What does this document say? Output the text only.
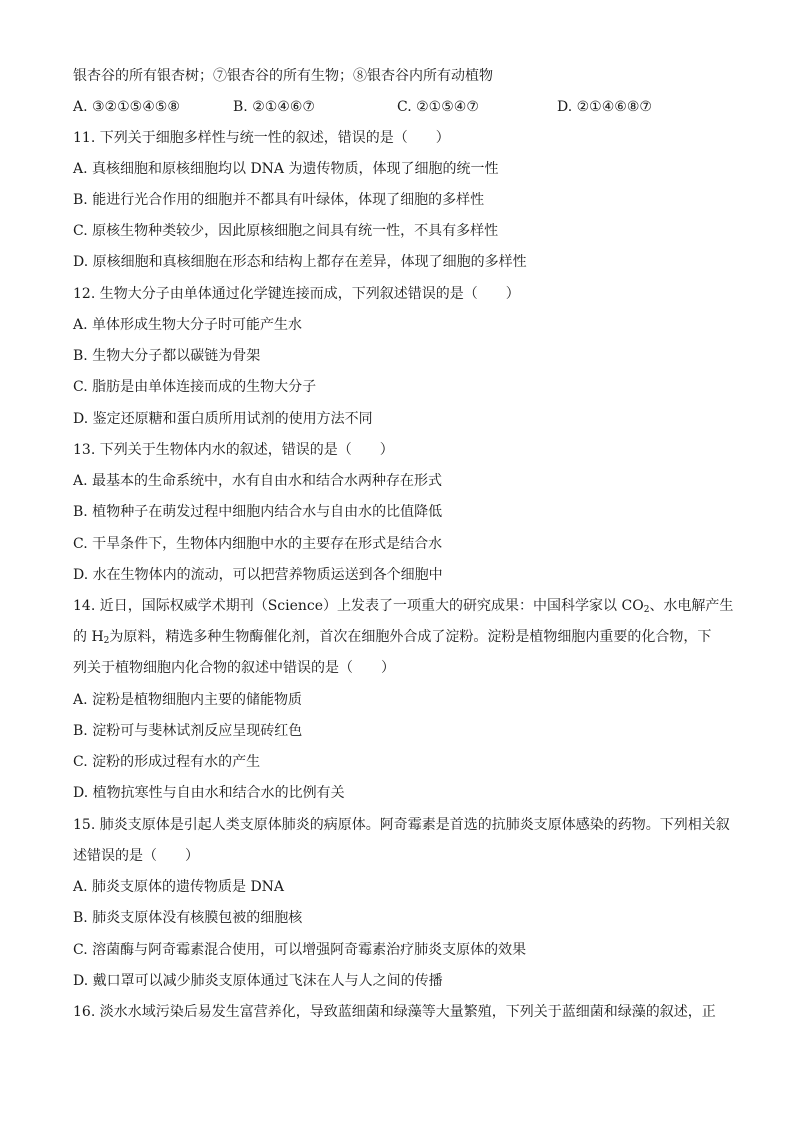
银杏谷的所有银杏树；⑦银杏谷的所有生物；⑧银杏谷内所有动植物
A. ③②①⑤④⑤⑧	B. ②①④⑥⑦	C. ②①⑤④⑦	D. ②①④⑥⑧⑦
11. 下列关于细胞多样性与统一性的叙述，错误的是（　　）
A. 真核细胞和原核细胞均以 DNA 为遗传物质，体现了细胞的统一性
B. 能进行光合作用的细胞并不都具有叶绿体，体现了细胞的多样性
C. 原核生物种类较少，因此原核细胞之间具有统一性，不具有多样性
D. 原核细胞和真核细胞在形态和结构上都存在差异，体现了细胞的多样性
12. 生物大分子由单体通过化学键连接而成，下列叙述错误的是（　　）
A. 单体形成生物大分子时可能产生水
B. 生物大分子都以碳链为骨架
C. 脂肪是由单体连接而成的生物大分子
D. 鉴定还原糖和蛋白质所用试剂的使用方法不同
13. 下列关于生物体内水的叙述，错误的是（　　）
A. 最基本的生命系统中，水有自由水和结合水两种存在形式
B. 植物种子在萌发过程中细胞内结合水与自由水的比值降低
C. 干旱条件下，生物体内细胞中水的主要存在形式是结合水
D. 水在生物体内的流动，可以把营养物质运送到各个细胞中
14. 近日，国际权威学术期刊（Science）上发表了一项重大的研究成果：中国科学家以 $CO_2$、水电解产生
的 $H_2$为原料，精选多种生物酶催化剂，首次在细胞外合成了淀粉。淀粉是植物细胞内重要的化合物，下
列关于植物细胞内化合物的叙述中错误的是（　　）
A. 淀粉是植物细胞内主要的储能物质
B. 淀粉可与斐林试剂反应呈现砖红色
C. 淀粉的形成过程有水的产生
D. 植物抗寒性与自由水和结合水的比例有关
15. 肺炎支原体是引起人类支原体肺炎的病原体。阿奇霉素是首选的抗肺炎支原体感染的药物。下列相关叙
述错误的是（　　）
A. 肺炎支原体的遗传物质是 DNA
B. 肺炎支原体没有核膜包被的细胞核
C. 溶菌酶与阿奇霉素混合使用，可以增强阿奇霉素治疗肺炎支原体的效果
D. 戴口罩可以减少肺炎支原体通过飞沫在人与人之间的传播
16. 淡水水域污染后易发生富营养化，导致蓝细菌和绿藻等大量繁殖，下列关于蓝细菌和绿藻的叙述，正
